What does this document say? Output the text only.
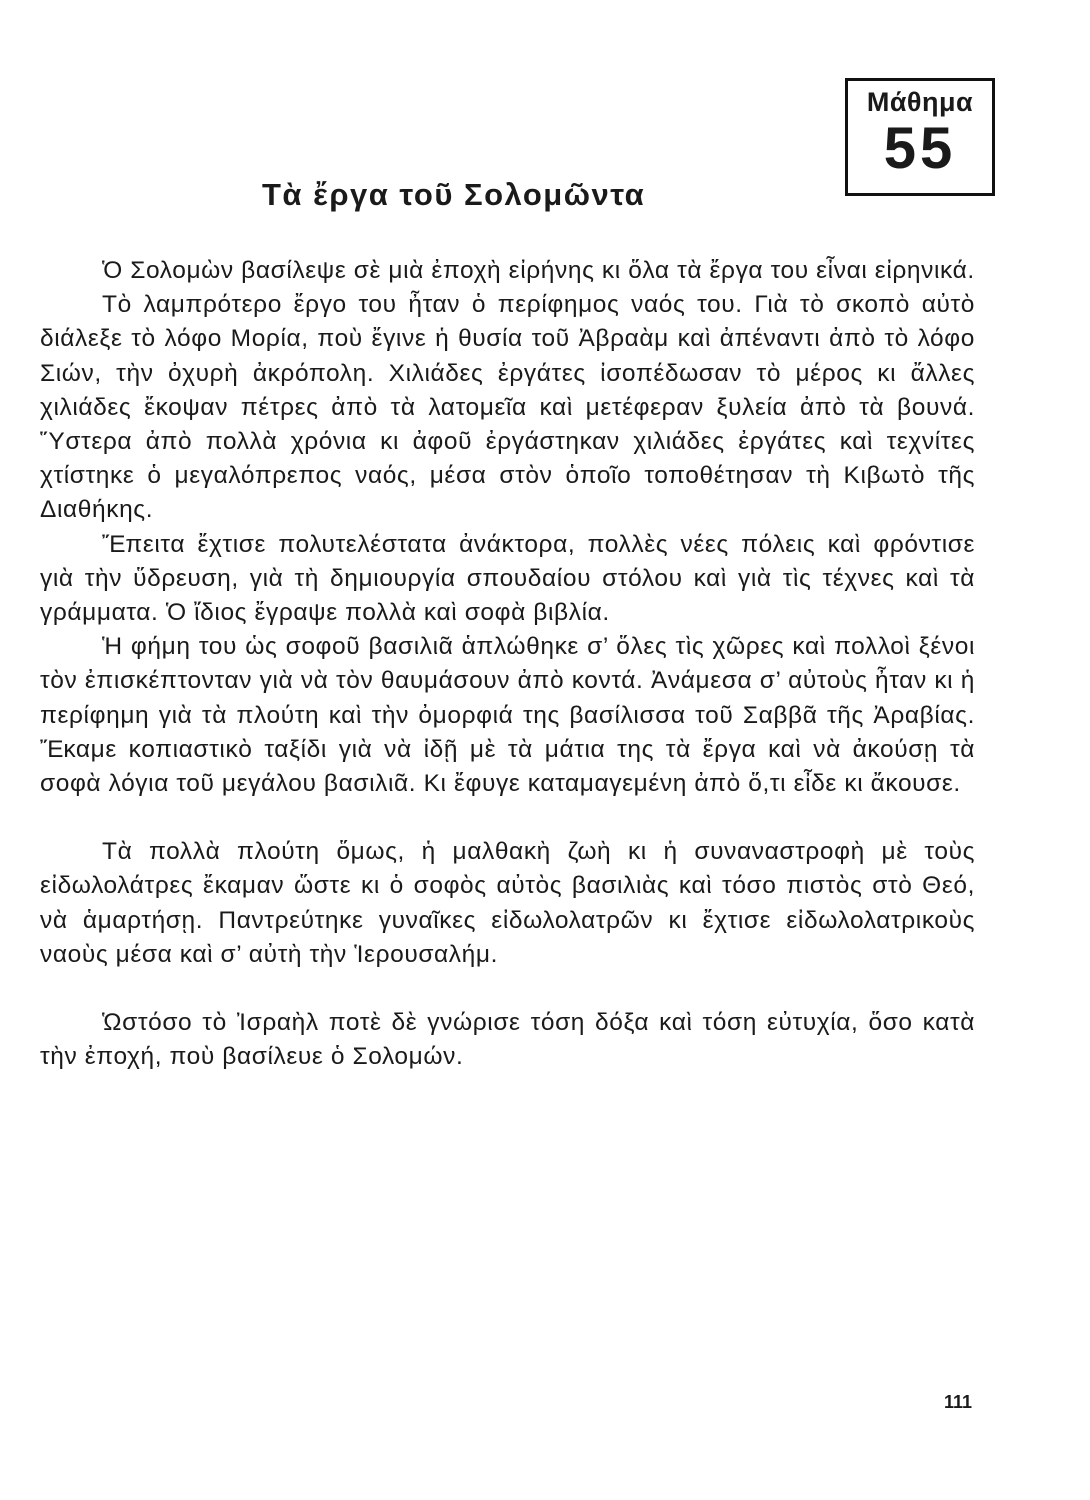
Μάθημα
55
Τὰ ἔργα τοῦ Σολομῶντα

Ὁ Σολομὼν βασίλεψε σὲ μιὰ ἐποχὴ εἰρήνης κι ὅλα τὰ ἔργα του εἶναι εἰρηνικά.

Τὸ λαμπρότερο ἔργο του ἦταν ὁ περίφημος ναός του. Γιὰ τὸ σκοπὸ αὐτὸ διάλεξε τὸ λόφο Μορία, ποὺ ἔγινε ἡ θυσία τοῦ Ἀβραὰμ καὶ ἀπέναντι ἀπὸ τὸ λόφο Σιών, τὴν ὀχυρὴ ἀκρόπολη. Χιλιάδες ἐργάτες ἰσοπέδωσαν τὸ μέρος κι ἄλλες χιλιάδες ἔκοψαν πέτρες ἀπὸ τὰ λατομεῖα καὶ μετέφεραν ξυλεία ἀπὸ τὰ βουνά. Ὕστερα ἀπὸ πολλὰ χρόνια κι ἀφοῦ ἐργάστηκαν χιλιάδες ἐργάτες καὶ τεχνίτες χτίστηκε ὁ μεγαλόπρεπος ναός, μέσα στὸν ὁποῖο τοποθέτησαν τὴ Κιβωτὸ τῆς Διαθήκης.

Ἔπειτα ἔχτισε πολυτελέστατα ἀνάκτορα, πολλὲς νέες πόλεις καὶ φρόντισε γιὰ τὴν ὕδρευση, γιὰ τὴ δημιουργία σπουδαίου στόλου καὶ γιὰ τὶς τέχνες καὶ τὰ γράμματα. Ὁ ἴδιος ἔγραψε πολλὰ καὶ σοφὰ βιβλία.

Ἡ φήμη του ὡς σοφοῦ βασιλιᾶ ἁπλώθηκε σ’ ὅλες τὶς χῶρες καὶ πολλοὶ ξένοι τὸν ἐπισκέπτονταν γιὰ νὰ τὸν θαυμάσουν ἀπὸ κοντά. Ἀνάμεσα σ’ αὐτοὺς ἦταν κι ἡ περίφημη γιὰ τὰ πλούτη καὶ τὴν ὀμορφιά της βασίλισσα τοῦ Σαββᾶ τῆς Ἀραβίας. Ἔκαμε κοπιαστικὸ ταξίδι γιὰ νὰ ἰδῇ μὲ τὰ μάτια της τὰ ἔργα καὶ νὰ ἀκούσῃ τὰ σοφὰ λόγια τοῦ μεγάλου βασιλιᾶ. Κι ἔφυγε καταμαγεμένη ἀπὸ ὅ,τι εἶδε κι ἄκουσε.

Τὰ πολλὰ πλούτη ὅμως, ἡ μαλθακὴ ζωὴ κι ἡ συναναστροφὴ μὲ τοὺς εἰδωλολάτρες ἔκαμαν ὥστε κι ὁ σοφὸς αὐτὸς βασιλιὰς καὶ τόσο πιστὸς στὸ Θεό, νὰ ἁμαρτήσῃ. Παντρεύτηκε γυναῖκες εἰδωλολατρῶν κι ἔχτισε εἰδωλολατρικοὺς ναοὺς μέσα καὶ σ’ αὐτὴ τὴν Ἱερουσαλήμ.

Ὡστόσο τὸ Ἰσραὴλ ποτὲ δὲ γνώρισε τόση δόξα καὶ τόση εὐτυχία, ὅσο κατὰ τὴν ἐποχή, ποὺ βασίλευε ὁ Σολομών.

111
